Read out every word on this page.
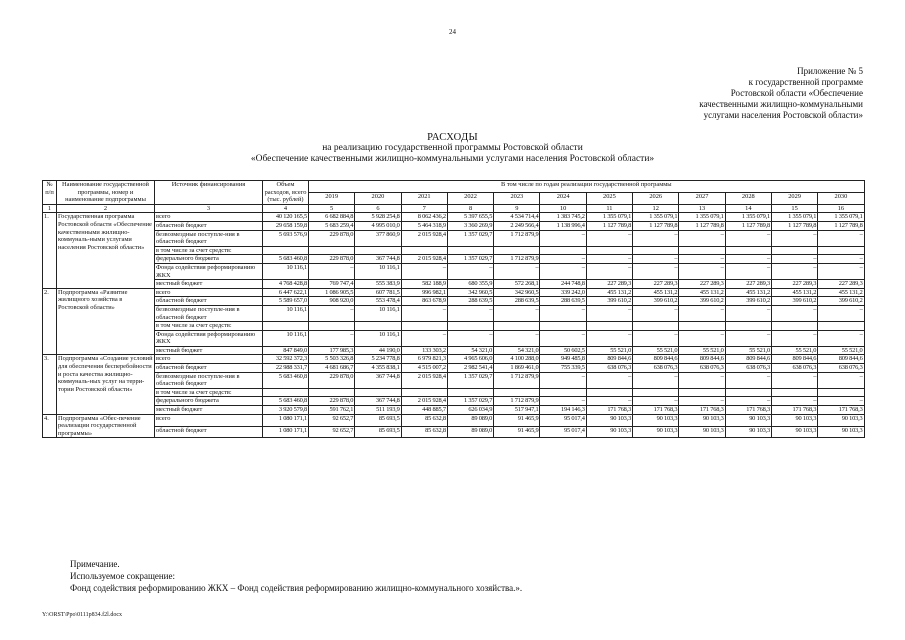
24
Приложение № 5
к государственной программе
Ростовской области «Обеспечение
качественными жилищно-коммунальными
услугами населения Ростовской области»
РАСХОДЫ
на реализацию государственной программы Ростовской области
«Обеспечение качественными жилищно-коммунальными услугами населения Ростовской области»
№ п/п	Наименование государственной программы, номер и наименование подпрограммы	Источник финансирования	Объем расходов, всего (тыс. рублей)	В том числе по годам реализации государственной программы											
				2019	2020	2021	2022	2023	2024	2025	2026	2027	2028	2029	2030
1	2	3	4	5	6	7	8	9	10	11	12	13	14	15	16
1.	Государственная программа Ростовской области «Обеспечение качественными жилищно-коммуналь-ными услугами населения Ростовской области»	всего	40 120 165,5	6 682 884,8	5 928 254,8	8 062 436,2	5 397 655,5	4 534 714,4	1 383 745,2	1 355 079,1	1 355 079,1	1 355 079,1	1 355 079,1	1 355 079,1	1 355 079,1
		областной бюджет	29 658 159,8	5 683 259,4	4 995 010,0	5 464 318,9	3 360 269,9	2 249 566,4	1 138 996,4	1 127 789,8	1 127 789,8	1 127 789,8	1 127 789,8	1 127 789,8	1 127 789,8
		безвозмездные поступле-ния в областной бюджет	5 693 576,9	229 878,0	377 860,9	2 015 928,4	1 357 029,7	1 712 879,9	–	–	–	–	–	–	–
		в том числе за счет средств:													
		федерального бюджета	5 683 460,8	229 878,0	367 744,8	2 015 928,4	1 357 029,7	1 712 879,9	–	–	–	–	–	–	–
		Фонда содействия реформированию ЖКХ	10 116,1	–	10 116,1	–	–	–	–	–	–	–	–	–	–
		местный бюджет	4 768 428,8	769 747,4	555 383,9	582 188,9	680 355,9	572 268,1	244 748,8	227 289,3	227 289,3	227 289,3	227 289,3	227 289,3	227 289,3
2.	Подпрограмма «Развитие жилищного хозяйства в Ростовской области»	всего	6 447 622,1	1 086 905,5	607 781,5	996 982,1	342 960,5	342 960,5	339 242,0	455 131,2	455 131,2	455 131,2	455 131,2	455 131,2	455 131,2
		областной бюджет	5 589 657,0	908 920,0	553 478,4	863 678,9	288 639,5	288 639,5	288 639,5	399 610,2	399 610,2	399 610,2	399 610,2	399 610,2	399 610,2
		безвозмездные поступле-ния в областной бюджет	10 116,1	–	10 116,1	–	–	–	–	–	–	–	–	–	–
		в том числе за счет средств:													
		Фонда содействия реформированию ЖКХ	10 116,1	–	10 116,1	–	–	–	–	–	–	–	–	–	–
		местный бюджет	847 849,0	177 985,3	44 190,0	133 303,2	54 321,0	54 321,0	50 602,5	55 521,0	55 521,0	55 521,0	55 521,0	55 521,0	55 521,0
3.	Подпрограмма «Создание условий для обеспечения бесперебойности и роста качества жилищно-коммуналь-ных услуг на терри-тории Ростовской области»	всего	32 592 372,3	5 503 326,8	5 234 778,8	6 979 821,3	4 965 606,0	4 100 288,0	949 485,8	809 844,6	809 844,6	809 844,6	809 844,6	809 844,6	809 844,6
		областной бюджет	22 988 331,7	4 681 686,7	4 355 838,1	4 515 007,2	2 982 541,4	1 869 461,0	755 339,5	638 076,3	638 076,3	638 076,3	638 076,3	638 076,3	638 076,3
		безвозмездные поступле-ния в областной бюджет	5 683 460,8	229 878,0	367 744,8	2 015 928,4	1 357 029,7	1 712 879,9	–	–	–	–	–	–	–
		в том числе за счет средств:													
		федерального бюджета	5 683 460,8	229 878,0	367 744,8	2 015 928,4	1 357 029,7	1 712 879,9	–	–	–	–	–	–	–
		местный бюджет	3 920 579,8	591 762,1	511 193,9	448 885,7	626 034,9	517 947,1	194 146,3	171 768,3	171 768,3	171 768,3	171 768,3	171 768,3	171 768,3
4.	Подпрограмма «Обес-печение реализации государственной программы»	всего	1 080 171,1	92 652,7	85 693,5	85 632,8	89 089,0	91 465,9	95 017,4	90 103,3	90 103,3	90 103,3	90 103,3	90 103,3	90 103,3
		областной бюджет	1 080 171,1	92 652,7	85 693,5	85 632,8	89 089,0	91 465,9	95 017,4	90 103,3	90 103,3	90 103,3	90 103,3	90 103,3	90 103,3
Примечание.
Используемое сокращение:
Фонд содействия реформированию ЖКХ – Фонд содействия реформированию жилищно-коммунального хозяйства.».
Y:\ORST\Ppo\0111p834.f2l.docx
